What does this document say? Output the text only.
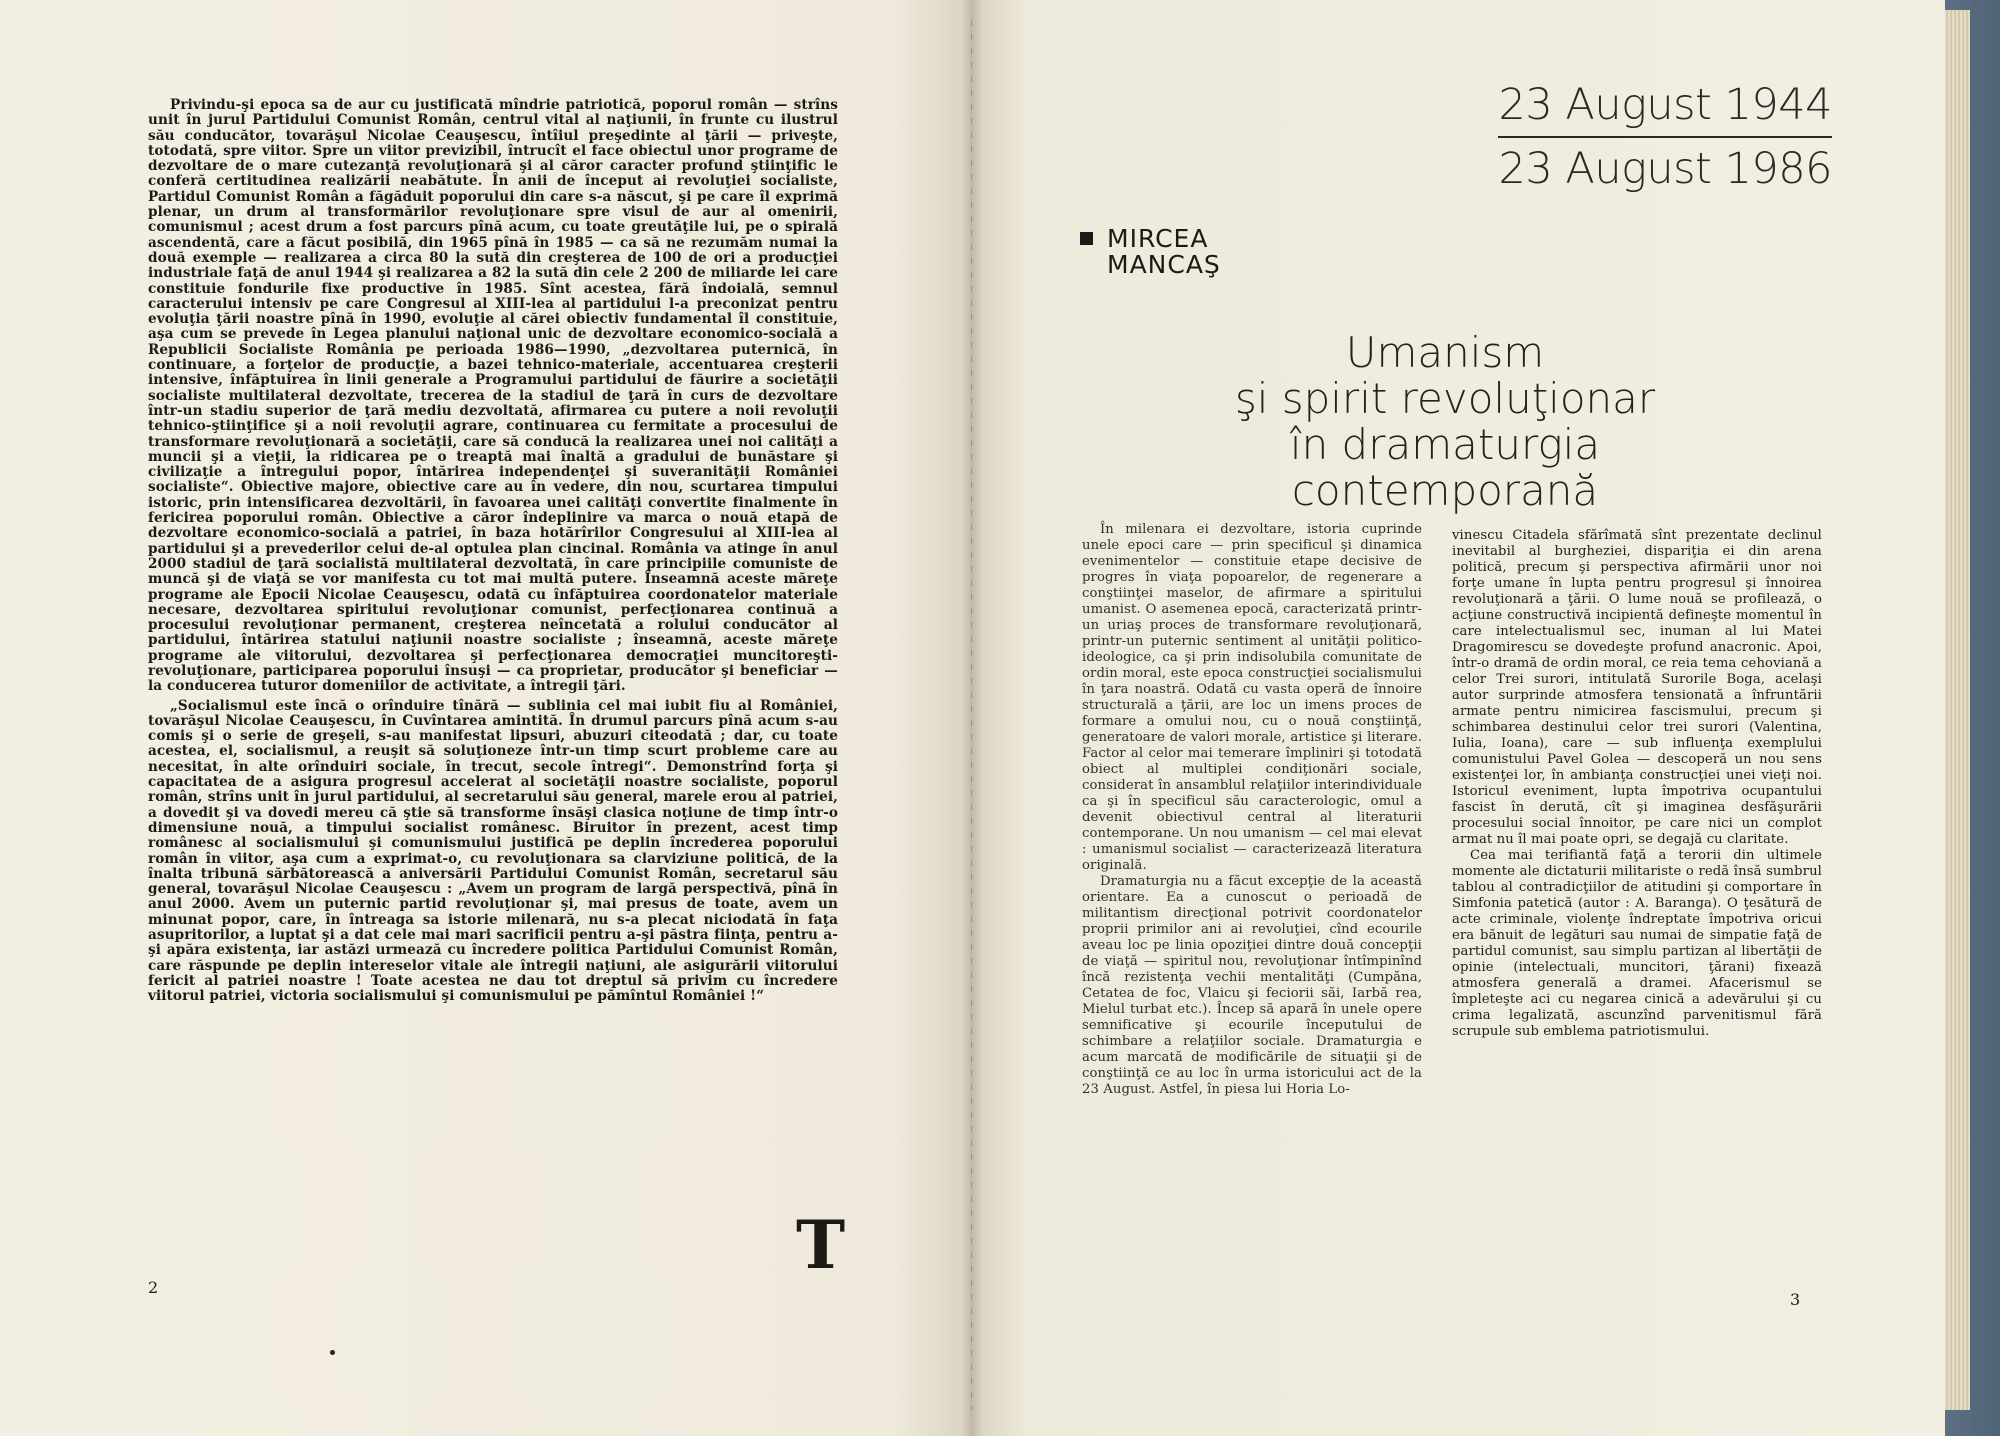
Privindu-şi epoca sa de aur cu justificată mîndrie patriotică, poporul român — strîns unit în jurul Partidului Comunist Român, centrul vital al naţiunii, în frunte cu ilustrul său conducător, tovarăşul Nicolae Ceauşescu, întîiul preşedinte al ţării — priveşte, totodată, spre viitor. Spre un viitor previzibil, întrucît el face obiectul unor programe de dezvoltare de o mare cutezanţă revoluţionară şi al căror caracter profund ştiinţific le conferă certitudinea realizării neabătute. În anii de început ai revoluţiei socialiste, Partidul Comunist Român a făgăduit poporului din care s-a născut, şi pe care îl exprimă plenar, un drum al transformărilor revoluţionare spre visul de aur al omenirii, comunismul ; acest drum a fost parcurs pînă acum, cu toate greutăţile lui, pe o spirală ascendentă, care a făcut posibilă, din 1965 pînă în 1985 — ca să ne rezumăm numai la două exemple — realizarea a circa 80 la sută din creşterea de 100 de ori a producţiei industriale faţă de anul 1944 şi realizarea a 82 la sută din cele 2 200 de miliarde lei care constituie fondurile fixe productive în 1985. Sînt acestea, fără îndoială, semnul caracterului intensiv pe care Congresul al XIII-lea al partidului l-a preconizat pentru evoluţia ţării noastre pînă în 1990, evoluţie al cărei obiectiv fundamental îl constituie, aşa cum se prevede în Legea planului naţional unic de dezvoltare economico-socială a Republicii Socialiste România pe perioada 1986—1990, „dezvoltarea puternică, în continuare, a forţelor de producţie, a bazei tehnico-materiale, accentuarea creşterii intensive, înfăptuirea în linii generale a Programului partidului de făurire a societăţii socialiste multilateral dezvoltate, trecerea de la stadiul de ţară în curs de dezvoltare într-un stadiu superior de ţară mediu dezvoltată, afirmarea cu putere a noii revoluţii tehnico-ştiinţifice şi a noii revoluţii agrare, continuarea cu fermitate a procesului de transformare revoluţionară a societăţii, care să conducă la realizarea unei noi calităţi a muncii şi a vieţii, la ridicarea pe o treaptă mai înaltă a gradului de bunăstare şi civilizaţie a întregului popor, întărirea independenţei şi suveranităţii României socialiste“. Obiective majore, obiective care au în vedere, din nou, scurtarea timpului istoric, prin intensificarea dezvoltării, în favoarea unei calităţi convertite finalmente în fericirea poporului român. Obiective a căror îndeplinire va marca o nouă etapă de dezvoltare economico-socială a patriei, în baza hotărîrilor Congresului al XIII-lea al partidului şi a prevederilor celui de-al optulea plan cincinal. România va atinge în anul 2000 stadiul de ţară socialistă multilateral dezvoltată, în care principiile comuniste de muncă şi de viaţă se vor manifesta cu tot mai multă putere. Înseamnă aceste măreţe programe ale Epocii Nicolae Ceauşescu, odată cu înfăptuirea coordonatelor materiale necesare, dezvoltarea spiritului revoluţionar comunist, perfecţionarea continuă a procesului revoluţionar permanent, creşterea neîncetată a rolului conducător al partidului, întărirea statului naţiunii noastre socialiste ; înseamnă, aceste măreţe programe ale viitorului, dezvoltarea şi perfecţionarea democraţiei muncitoreşti-revoluţionare, participarea poporului însuşi — ca proprietar, producător şi beneficiar — la conducerea tuturor domeniilor de activitate, a întregii ţări.

„Socialismul este încă o orînduire tînără — sublinia cel mai iubit fiu al României, tovarăşul Nicolae Ceauşescu, în Cuvîntarea amintită. În drumul parcurs pînă acum s-au comis şi o serie de greşeli, s-au manifestat lipsuri, abuzuri citeodată ; dar, cu toate acestea, el, socialismul, a reuşit să soluţioneze într-un timp scurt probleme care au necesitat, în alte orînduiri sociale, în trecut, secole întregi“. Demonstrînd forţa şi capacitatea de a asigura progresul accelerat al societăţii noastre socialiste, poporul român, strîns unit în jurul partidului, al secretarului său general, marele erou al patriei, a dovedit şi va dovedi mereu că ştie să transforme însăşi clasica noţiune de timp într-o dimensiune nouă, a timpului socialist românesc. Biruitor în prezent, acest timp românesc al socialismului şi comunismului justifică pe deplin încrederea poporului român în viitor, aşa cum a exprimat-o, cu revoluţionara sa clarviziune politică, de la înalta tribună sărbătorească a aniversării Partidului Comunist Român, secretarul său general, tovarăşul Nicolae Ceauşescu : „Avem un program de largă perspectivă, pînă în anul 2000. Avem un puternic partid revoluţionar şi, mai presus de toate, avem un minunat popor, care, în întreaga sa istorie milenară, nu s-a plecat niciodată în faţa asupritorilor, a luptat şi a dat cele mai mari sacrificii pentru a-şi păstra fiinţa, pentru a-şi apăra existenţa, iar astăzi urmează cu încredere politica Partidului Comunist Român, care răspunde pe deplin intereselor vitale ale întregii naţiuni, ale asigurării viitorului fericit al patriei noastre ! Toate acestea ne dau tot dreptul să privim cu încredere viitorul patriei, victoria socialismului şi comunismului pe pămîntul României !“

T
2
23 August 1944
23 August 1986
MIRCEA
MANCAŞ
Umanism
şi spirit revoluţionar
în dramaturgia contemporană

În milenara ei dezvoltare, istoria cuprinde unele epoci care — prin specificul şi dinamica evenimentelor — constituie etape decisive de progres în viaţa popoarelor, de regenerare a conştiinţei maselor, de afirmare a spiritului umanist. O asemenea epocă, caracterizată printr-un uriaş proces de transformare revoluţionară, printr-un puternic sentiment al unităţii politico-ideologice, ca şi prin indisolubila comunitate de ordin moral, este epoca construcţiei socialismului în ţara noastră. Odată cu vasta operă de înnoire structurală a ţării, are loc un imens proces de formare a omului nou, cu o nouă conştiinţă, generatoare de valori morale, artistice şi literare. Factor al celor mai temerare împliniri şi totodată obiect al multiplei condiţionări sociale, considerat în ansamblul relaţiilor interindividuale ca şi în specificul său caracterologic, omul a devenit obiectivul central al literaturii contemporane. Un nou umanism — cel mai elevat : umanismul socialist — caracterizează literatura originală.

Dramaturgia nu a făcut excepţie de la această orientare. Ea a cunoscut o perioadă de militantism direcţional potrivit coordonatelor proprii primilor ani ai revoluţiei, cînd ecourile aveau loc pe linia opoziţiei dintre două concepţii de viaţă — spiritul nou, revoluţionar întîmpinînd încă rezistenţa vechii mentalităţi (Cumpăna, Cetatea de foc, Vlaicu şi feciorii săi, Iarbă rea, Mielul turbat etc.). Încep să apară în unele opere semnificative şi ecourile începutului de schimbare a relaţiilor sociale. Dramaturgia e acum marcată de modificările de situaţii şi de conştiinţă ce au loc în urma istoricului act de la 23 August. Astfel, în piesa lui Horia Lo-

vinescu Citadela sfărîmată sînt prezentate declinul inevitabil al burgheziei, dispariţia ei din arena politică, precum şi perspectiva afirmării unor noi forţe umane în lupta pentru progresul şi înnoirea revoluţionară a ţării. O lume nouă se profilează, o acţiune constructivă incipientă defineşte momentul în care intelectualismul sec, inuman al lui Matei Dragomirescu se dovedeşte profund anacronic. Apoi, într-o dramă de ordin moral, ce reia tema cehoviană a celor Trei surori, intitulată Surorile Boga, acelaşi autor surprinde atmosfera tensionată a înfruntării armate pentru nimicirea fascismului, precum şi schimbarea destinului celor trei surori (Valentina, Iulia, Ioana), care — sub influenţa exemplului comunistului Pavel Golea — descoperă un nou sens existenţei lor, în ambianţa construcţiei unei vieţi noi. Istoricul eveniment, lupta împotriva ocupantului fascist în derută, cît şi imaginea desfăşurării procesului social înnoitor, pe care nici un complot armat nu îl mai poate opri, se degajă cu claritate.

Cea mai terifiantă faţă a terorii din ultimele momente ale dictaturii militariste o redă însă sumbrul tablou al contradicţiilor de atitudini şi comportare în Simfonia patetică (autor : A. Baranga). O ţesătură de acte criminale, violenţe îndreptate împotriva oricui era bănuit de legături sau numai de simpatie faţă de partidul comunist, sau simplu partizan al libertăţii de opinie (intelectuali, muncitori, ţărani) fixează atmosfera generală a dramei. Afacerismul se împleteşte aci cu negarea cinică a adevărului şi cu crima legalizată, ascunzînd parvenitismul fără scrupule sub emblema patriotismului.

3
